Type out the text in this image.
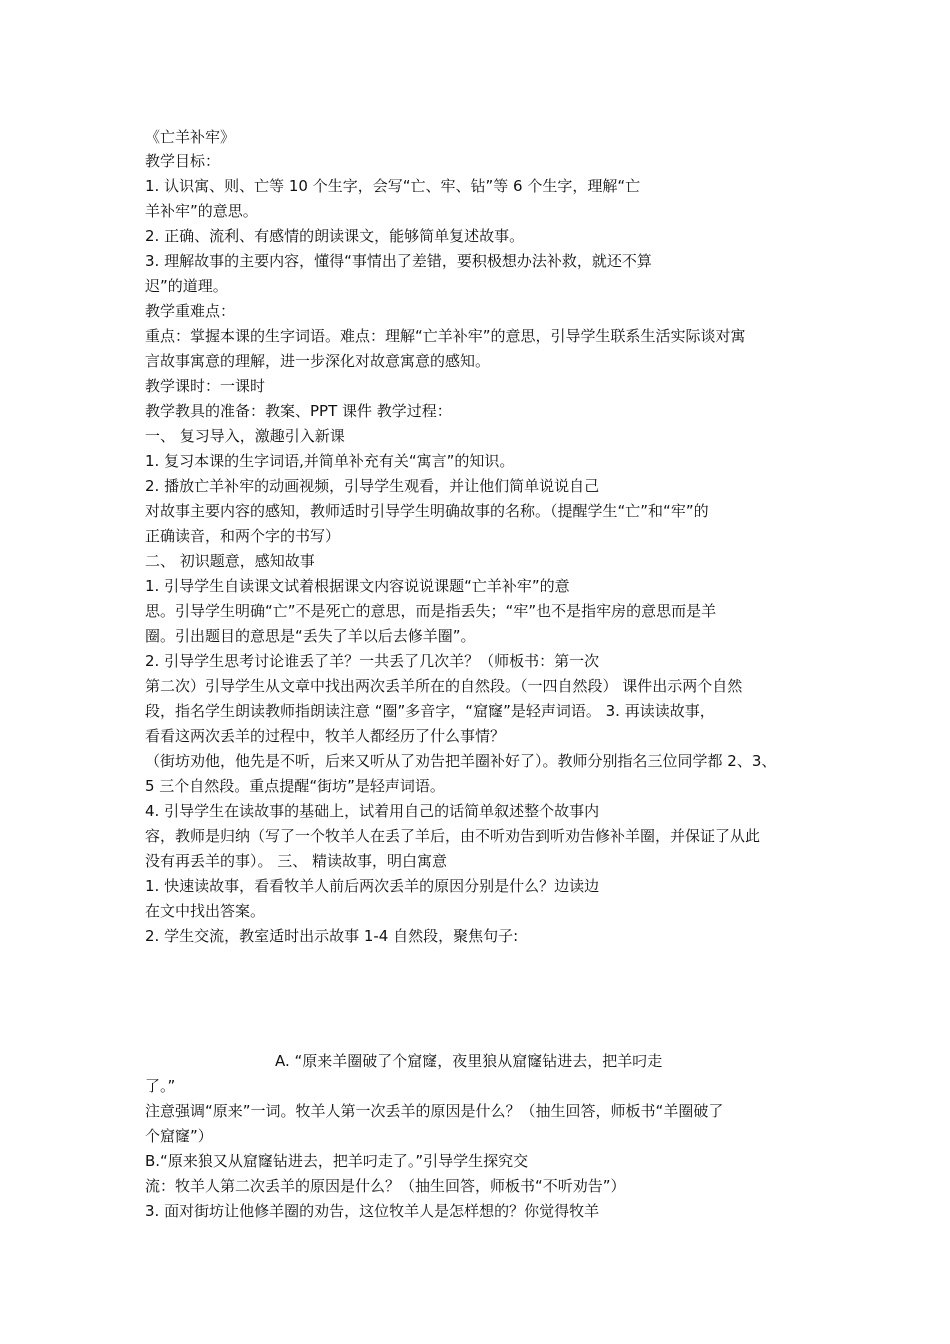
《亡羊补牢》
教学目标：
1. 认识寓、则、亡等 10 个生字，会写“亡、牢、钻”等 6 个生字，理解“亡
羊补牢”的意思。
2. 正确、流利、有感情的朗读课文，能够简单复述故事。
3. 理解故事的主要内容，懂得“事情出了差错，要积极想办法补救，就还不算
迟”的道理。
教学重难点：
重点：掌握本课的生字词语。难点：理解“亡羊补牢”的意思，引导学生联系生活实际谈对寓
言故事寓意的理解，进一步深化对故意寓意的感知。
教学课时：一课时
教学教具的准备：教案、PPT 课件 教学过程：
一、 复习导入，激趣引入新课
1. 复习本课的生字词语,并简单补充有关“寓言”的知识。
2. 播放亡羊补牢的动画视频，引导学生观看，并让他们简单说说自己
对故事主要内容的感知，教师适时引导学生明确故事的名称。（提醒学生“亡”和“牢”的
正确读音，和两个字的书写）
二、 初识题意，感知故事
1. 引导学生自读课文试着根据课文内容说说课题“亡羊补牢”的意
思。引导学生明确“亡”不是死亡的意思，而是指丢失；“牢”也不是指牢房的意思而是羊
圈。引出题目的意思是“丢失了羊以后去修羊圈”。
2. 引导学生思考讨论谁丢了羊？一共丢了几次羊？（师板书：第一次
第二次）引导学生从文章中找出两次丢羊所在的自然段。（一四自然段） 课件出示两个自然
段，指名学生朗读教师指朗读注意 “圈”多音字，“窟窿”是轻声词语。 3. 再读读故事，
看看这两次丢羊的过程中，牧羊人都经历了什么事情？
（街坊劝他，他先是不听，后来又听从了劝告把羊圈补好了）。教师分别指名三位同学都 2、3、
5 三个自然段。重点提醒“街坊”是轻声词语。
4. 引导学生在读故事的基础上，试着用自己的话简单叙述整个故事内
容，教师是归纳（写了一个牧羊人在丢了羊后，由不听劝告到听劝告修补羊圈，并保证了从此
没有再丢羊的事）。 三、 精读故事，明白寓意
1. 快速读故事，看看牧羊人前后两次丢羊的原因分别是什么？边读边
在文中找出答案。
2. 学生交流，教室适时出示故事 1-4 自然段，聚焦句子:
A. “原来羊圈破了个窟窿，夜里狼从窟窿钻进去，把羊叼走
了。”
注意强调“原来”一词。牧羊人第一次丢羊的原因是什么？（抽生回答，师板书“羊圈破了
个窟窿”）
B.“原来狼又从窟窿钻进去，把羊叼走了。”引导学生探究交
流：牧羊人第二次丢羊的原因是什么？（抽生回答，师板书“不听劝告”）
3. 面对街坊让他修羊圈的劝告，这位牧羊人是怎样想的？你觉得牧羊
